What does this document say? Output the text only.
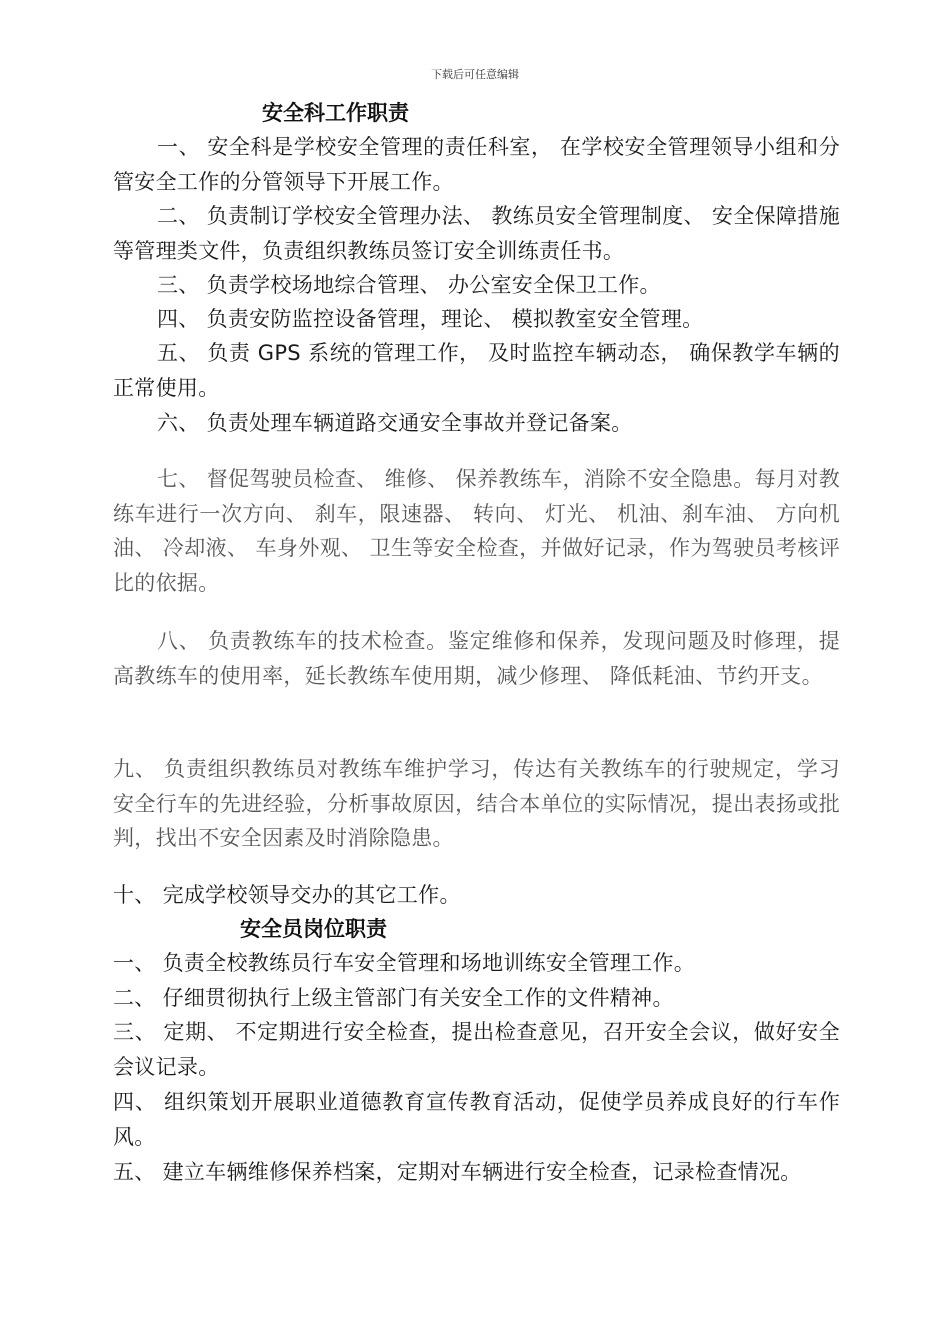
下载后可任意编辑
安全科工作职责
一、 安全科是学校安全管理的责任科室， 在学校安全管理领导小组和分管安全工作的分管领导下开展工作。
二、 负责制订学校安全管理办法、 教练员安全管理制度、 安全保障措施等管理类文件，负责组织教练员签订安全训练责任书。
三、 负责学校场地综合管理、 办公室安全保卫工作。
四、 负责安防监控设备管理，理论、 模拟教室安全管理。
五、 负责 GPS 系统的管理工作， 及时监控车辆动态， 确保教学车辆的正常使用。
六、 负责处理车辆道路交通安全事故并登记备案。
七、 督促驾驶员检查、 维修、 保养教练车，消除不安全隐患。每月对教练车进行一次方向、 刹车，限速器、 转向、 灯光、 机油、刹车油、 方向机油、 冷却液、 车身外观、 卫生等安全检查，并做好记录，作为驾驶员考核评比的依据。
八、 负责教练车的技术检查。鉴定维修和保养，发现问题及时修理，提高教练车的使用率，延长教练车使用期，减少修理、 降低耗油、节约开支。
九、 负责组织教练员对教练车维护学习，传达有关教练车的行驶规定，学习安全行车的先进经验，分析事故原因，结合本单位的实际情况，提出表扬或批判，找出不安全因素及时消除隐患。
十、 完成学校领导交办的其它工作。
安全员岗位职责
一、 负责全校教练员行车安全管理和场地训练安全管理工作。
二、 仔细贯彻执行上级主管部门有关安全工作的文件精神。
三、 定期、 不定期进行安全检查，提出检查意见，召开安全会议，做好安全会议记录。
四、 组织策划开展职业道德教育宣传教育活动，促使学员养成良好的行车作风。
五、 建立车辆维修保养档案，定期对车辆进行安全检查，记录检查情况。
